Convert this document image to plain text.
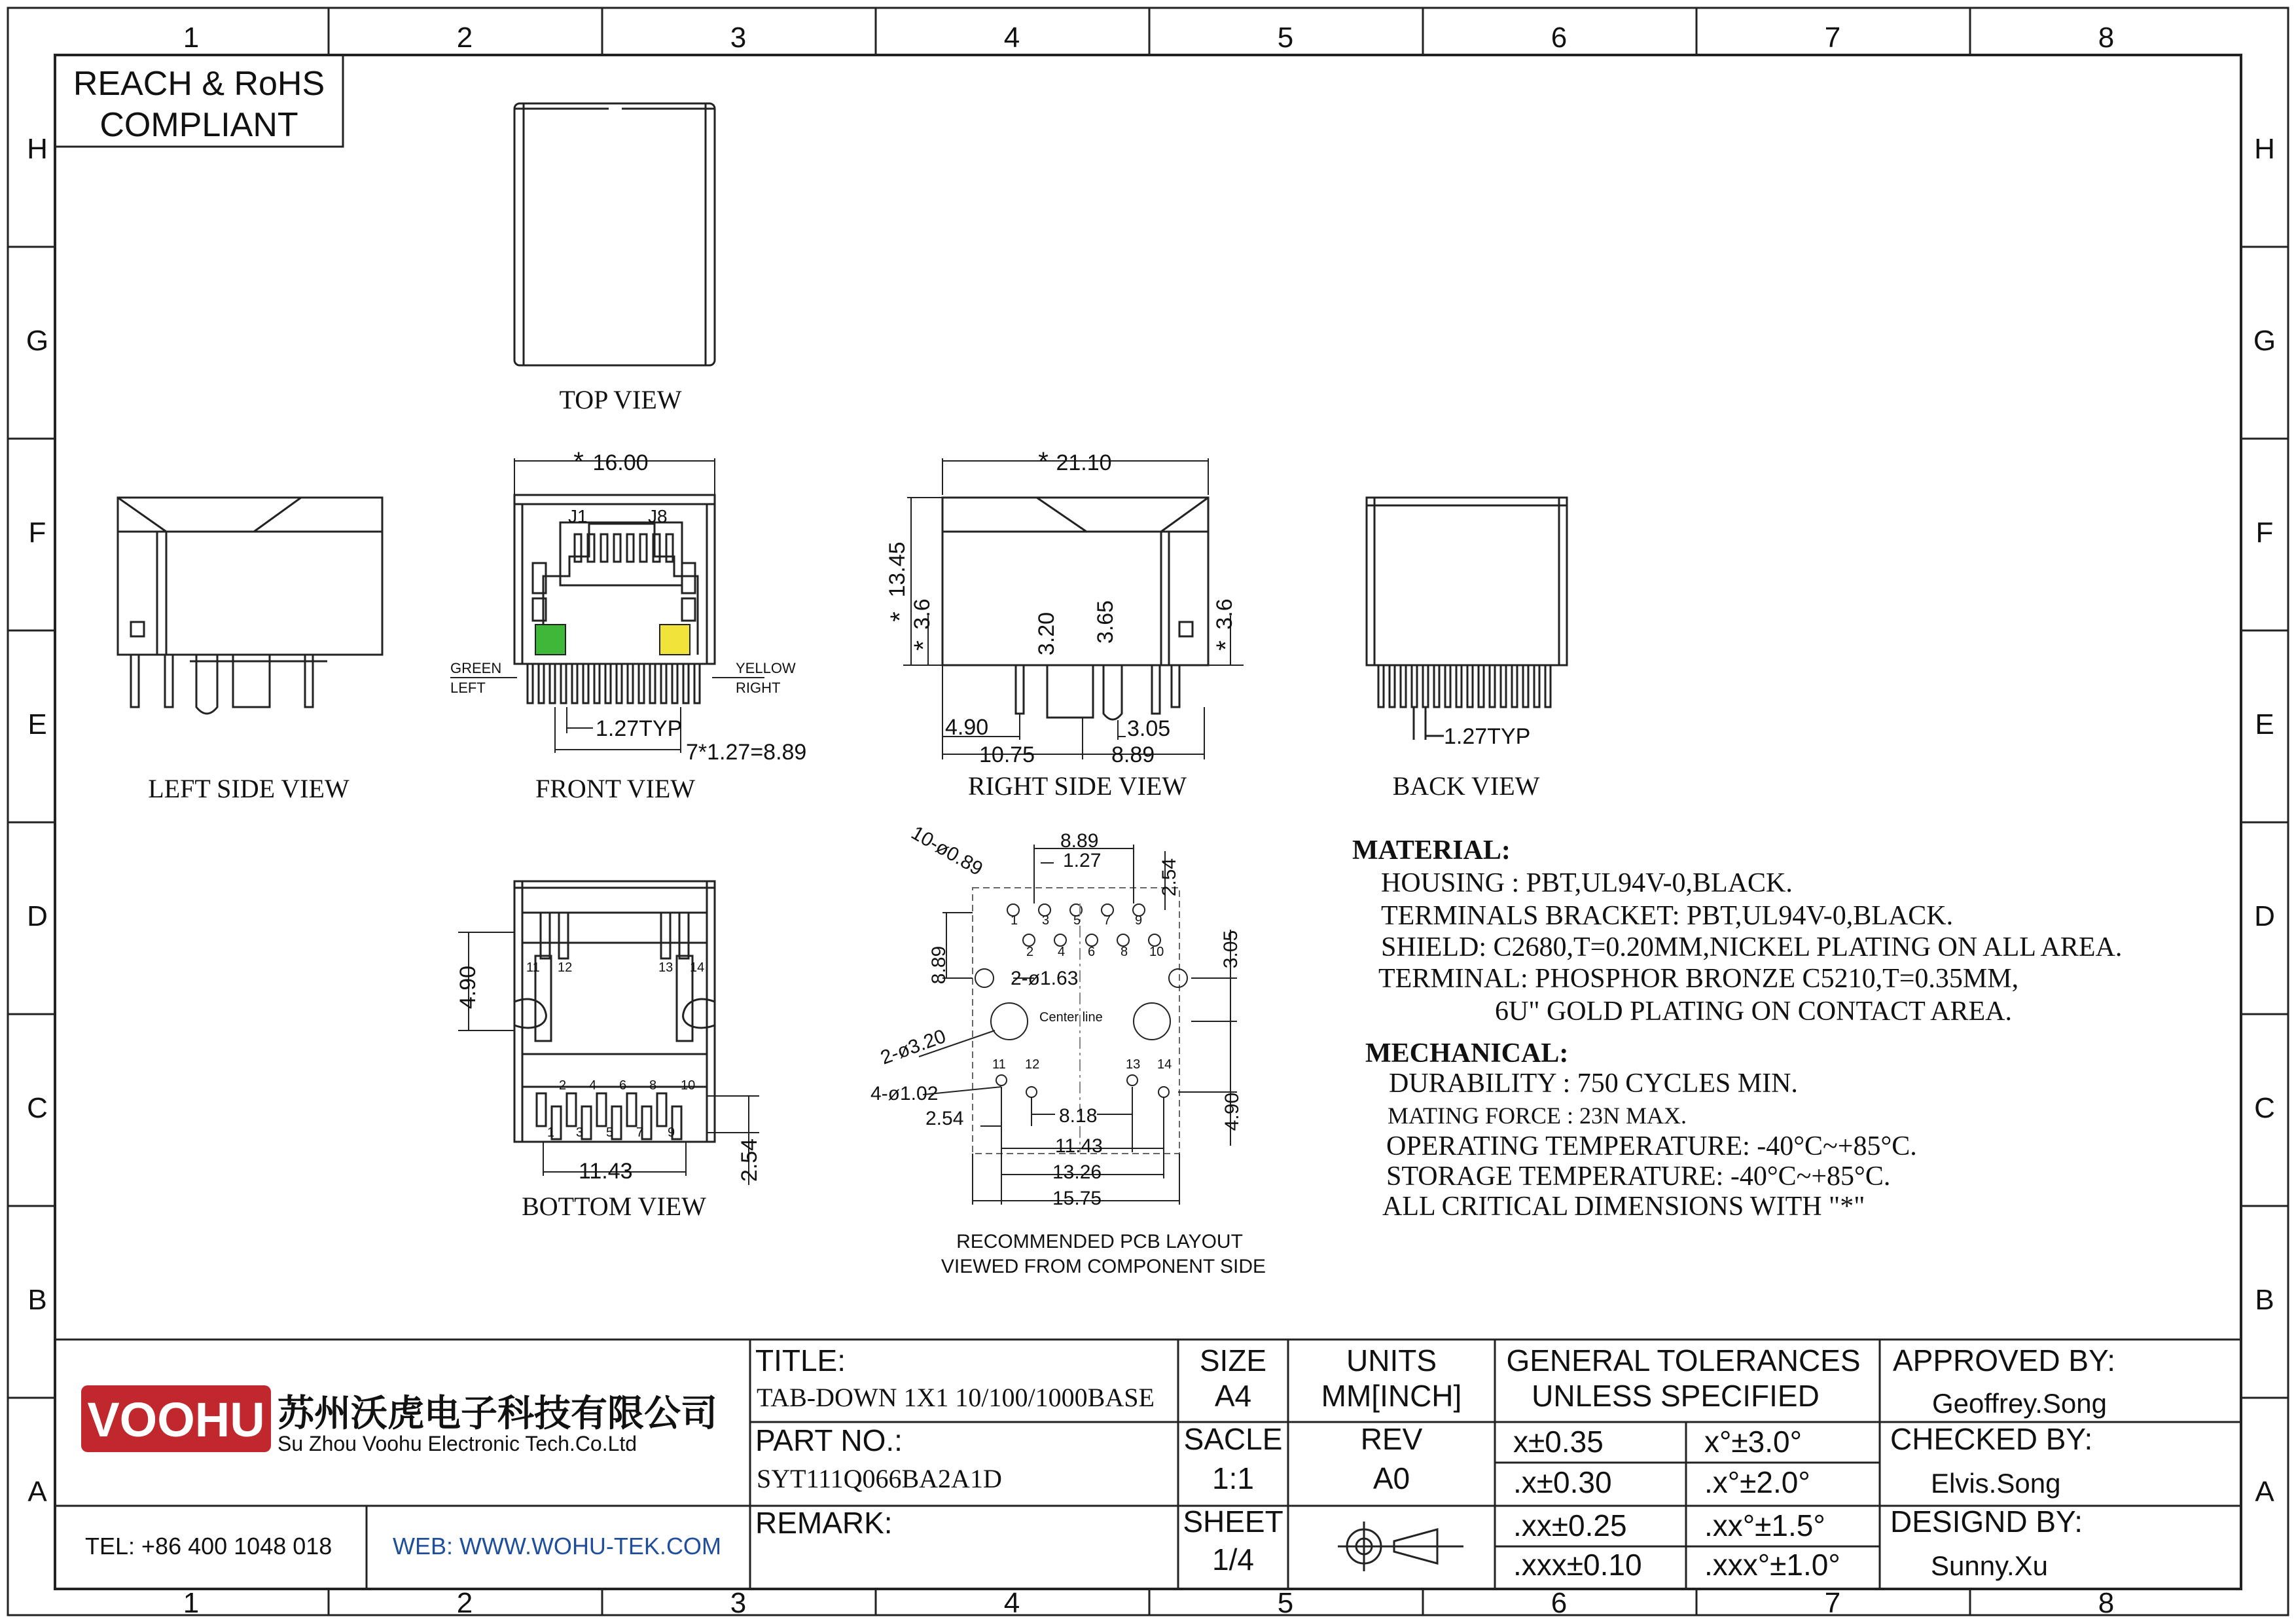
1	2	3	4	5	6	7	8
1	2	3	4	5	6	7	8
H
G
F
E
D
C
B
A
H
G
F
E
D
C
B
A
REACH & RoHS
COMPLIANT
TOP VIEW
LEFT SIDE VIEW
16.00
*
J1	J8
GREEN
LEFT
YELLOW
RIGHT
1.27TYP
7*1.27=8.89
FRONT VIEW
* 21.10
13.45
*
3.6
*	3.20 3.65	3.6
*
4.90	3.05
10.75	8.89
RIGHT SIDE VIEW
1.27TYP
BACK VIEW
4.90
11.43	2.54
11 12	13 14
2 4 6 8 10
1 3 5 7 9
BOTTOM VIEW
10-ø0.89	8.89
1.27	2.54
8.89	2-ø1.63
3.05
Center line
2-ø3.20
4-ø1.02
2.54	8.18
11.43
13.26
15.75
4.90
11 12	13 14
1 3 5 7 9
2 4 6 8 10
RECOMMENDED PCB LAYOUT
VIEWED FROM COMPONENT SIDE
MATERIAL:
HOUSING : PBT,UL94V-0,BLACK.
TERMINALS BRACKET: PBT,UL94V-0,BLACK.
SHIELD: C2680,T=0.20MM,NICKEL PLATING ON ALL AREA.
TERMINAL: PHOSPHOR BRONZE C5210,T=0.35MM,
6U" GOLD PLATING ON CONTACT AREA.
MECHANICAL:
DURABILITY : 750 CYCLES MIN.
MATING FORCE : 23N MAX.
OPERATING TEMPERATURE: -40°C~+85°C.
STORAGE TEMPERATURE: -40°C~+85°C.
ALL CRITICAL DIMENSIONS WITH "*"
VOOHU 苏州沃虎电子科技有限公司
Su Zhou Voohu Electronic Tech.Co.Ltd
TEL: +86 400 1048 018	WEB: WWW.WOHU-TEK.COM
TITLE:
TAB-DOWN 1X1 10/100/1000BASE
PART NO.:
SYT111Q066BA2A1D
REMARK:
SIZE
A4
UNITS
MM[INCH]
SACLE
1:1
REV
A0
SHEET
1/4
GENERAL TOLERANCES
UNLESS SPECIFIED
x±0.35	x°±3.0°
.x±0.30	.x°±2.0°
.xx±0.25	.xx°±1.5°
.xxx±0.10 .xxx°±1.0°
APPROVED BY:
Geoffrey.Song
CHECKED BY:
Elvis.Song
DESIGND BY:
Sunny.Xu
